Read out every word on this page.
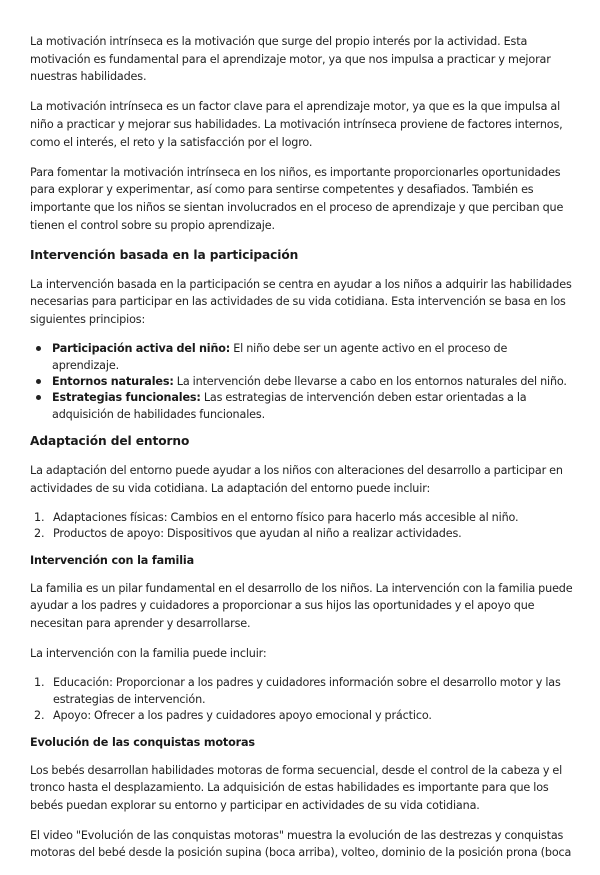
La motivación intrínseca es la motivación que surge del propio interés por la actividad. Esta motivación es fundamental para el aprendizaje motor, ya que nos impulsa a practicar y mejorar nuestras habilidades.

La motivación intrínseca es un factor clave para el aprendizaje motor, ya que es la que impulsa al niño a practicar y mejorar sus habilidades. La motivación intrínseca proviene de factores internos, como el interés, el reto y la satisfacción por el logro.

Para fomentar la motivación intrínseca en los niños, es importante proporcionarles oportunidades para explorar y experimentar, así como para sentirse competentes y desafiados. También es importante que los niños se sientan involucrados en el proceso de aprendizaje y que perciban que tienen el control sobre su propio aprendizaje.

Intervención basada en la participación

La intervención basada en la participación se centra en ayudar a los niños a adquirir las habilidades necesarias para participar en las actividades de su vida cotidiana. Esta intervención se basa en los siguientes principios:

Participación activa del niño: El niño debe ser un agente activo en el proceso de aprendizaje.
Entornos naturales: La intervención debe llevarse a cabo en los entornos naturales del niño.
Estrategias funcionales: Las estrategias de intervención deben estar orientadas a la adquisición de habilidades funcionales.
Adaptación del entorno

La adaptación del entorno puede ayudar a los niños con alteraciones del desarrollo a participar en actividades de su vida cotidiana. La adaptación del entorno puede incluir:

1. Adaptaciones físicas: Cambios en el entorno físico para hacerlo más accesible al niño.
2. Productos de apoyo: Dispositivos que ayudan al niño a realizar actividades.
Intervención con la familia

La familia es un pilar fundamental en el desarrollo de los niños. La intervención con la familia puede ayudar a los padres y cuidadores a proporcionar a sus hijos las oportunidades y el apoyo que necesitan para aprender y desarrollarse.

La intervención con la familia puede incluir:

1. Educación: Proporcionar a los padres y cuidadores información sobre el desarrollo motor y las estrategias de intervención.
2. Apoyo: Ofrecer a los padres y cuidadores apoyo emocional y práctico.
Evolución de las conquistas motoras

Los bebés desarrollan habilidades motoras de forma secuencial, desde el control de la cabeza y el tronco hasta el desplazamiento. La adquisición de estas habilidades es importante para que los bebés puedan explorar su entorno y participar en actividades de su vida cotidiana.

El video "Evolución de las conquistas motoras" muestra la evolución de las destrezas y conquistas motoras del bebé desde la posición supina (boca arriba), volteo, dominio de la posición prona (boca
